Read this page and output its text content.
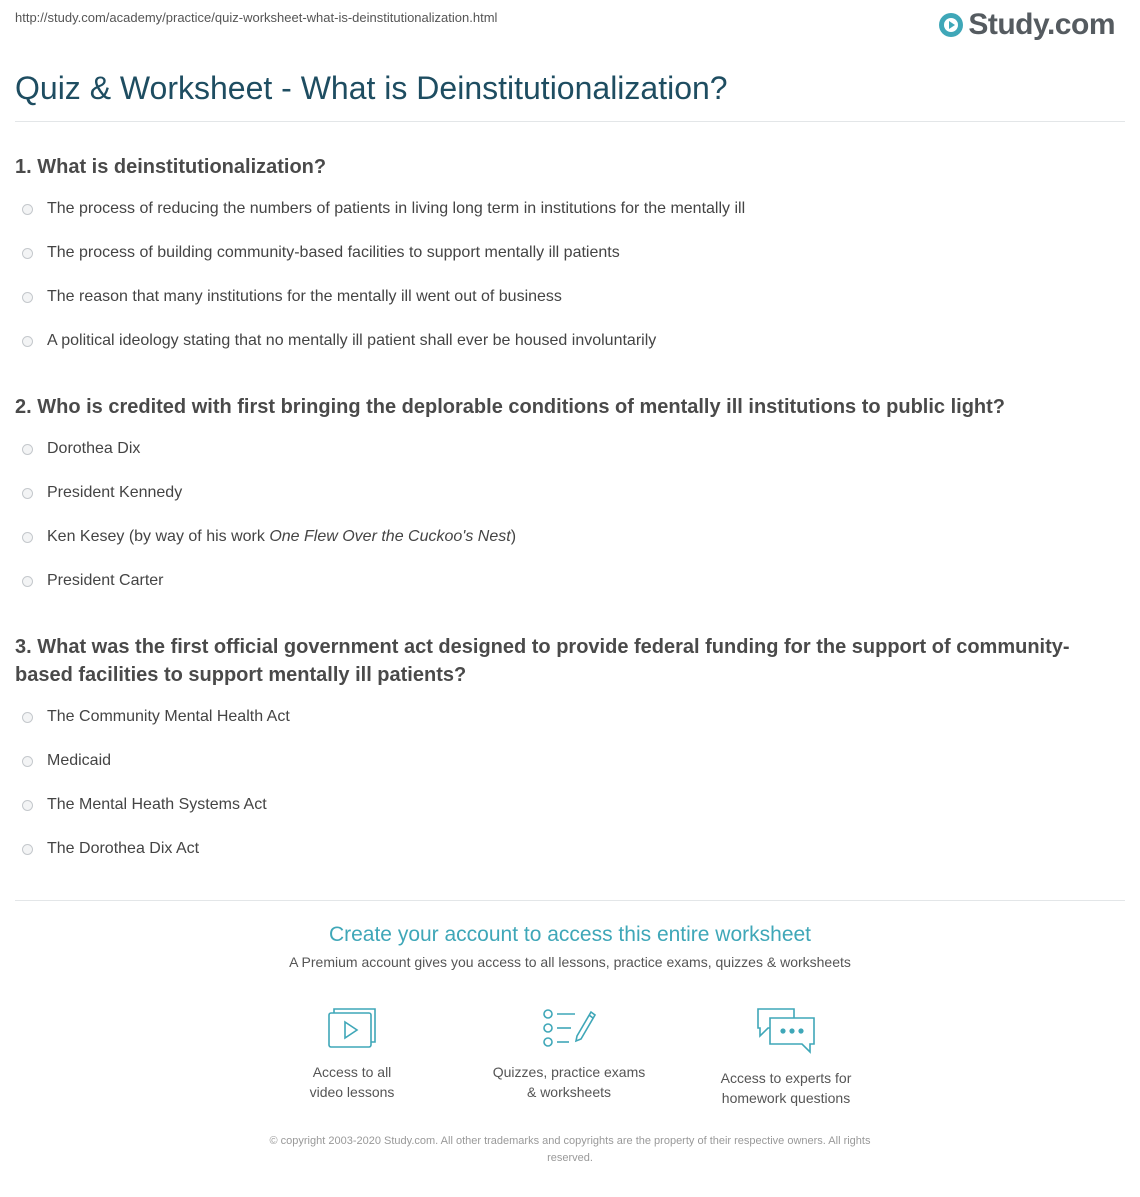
http://study.com/academy/practice/quiz-worksheet-what-is-deinstitutionalization.html	Study.com
Quiz & Worksheet - What is Deinstitutionalization?
1. What is deinstitutionalization?
The process of reducing the numbers of patients in living long term in institutions for the mentally ill
The process of building community-based facilities to support mentally ill patients
The reason that many institutions for the mentally ill went out of business
A political ideology stating that no mentally ill patient shall ever be housed involuntarily
2. Who is credited with first bringing the deplorable conditions of mentally ill institutions to public light?
Dorothea Dix
President Kennedy
Ken Kesey (by way of his work One Flew Over the Cuckoo's Nest)
President Carter
3. What was the first official government act designed to provide federal funding for the support of community-based facilities to support mentally ill patients?
The Community Mental Health Act
Medicaid
The Mental Heath Systems Act
The Dorothea Dix Act
Create your account to access this entire worksheet
A Premium account gives you access to all lessons, practice exams, quizzes & worksheets
Access to all
video lessons
Quizzes, practice exams
& worksheets
Access to experts for
homework questions
© copyright 2003-2020 Study.com. All other trademarks and copyrights are the property of their respective owners. All rights
reserved.
